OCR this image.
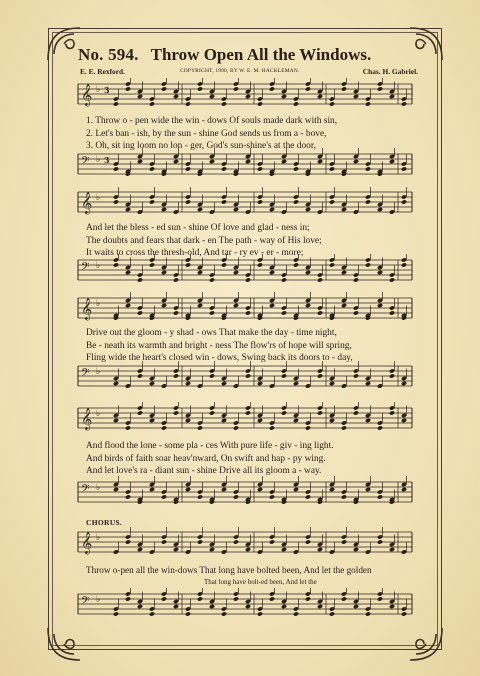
No. 594. Throw Open All the Windows.
E. E. Rexford.	COPYRIGHT, 1900, BY W. E. M. HACKLEMAN.	Chas. H. Gabriel.
𝄞 ♭ 3
1. Throw o - pen wide the win - dows Of souls made dark with sin,
2. Let's ban - ish, by the sun - shine God sends us from a - bove,
3. Oh, sit ing loom no lon - ger, God's sun-shine's at the door,
𝄢 ♭ 3
𝄞 ♭
And let the bless - ed sun - shine Of love and glad - ness in;
The doubts and fears that dark - en The path - way of His love;
It waits to cross the thresh-old, And tar - ry ev - er - more;
𝄢 ♭
𝄞 ♭
Drive out the gloom - y shad - ows That make the day - time night,
Be - neath its warmth and bright - ness The flow'rs of hope will spring,
Fling wide the heart's closed win - dows, Swing back its doors to - day,
𝄢 ♭
𝄞 ♭
And flood the lone - some pla - ces With pure life - giv - ing light.
And birds of faith soar heav'nward, On swift and hap - py wing.
And let love's ra - diant sun - shine Drive all its gloom a - way.
𝄢 ♭
CHORUS.
𝄞 ♭
Throw o-pen all the win-dows That long have bolted been, And let the golden
That long have bolt-ed been, And let the
𝄢 ♭
